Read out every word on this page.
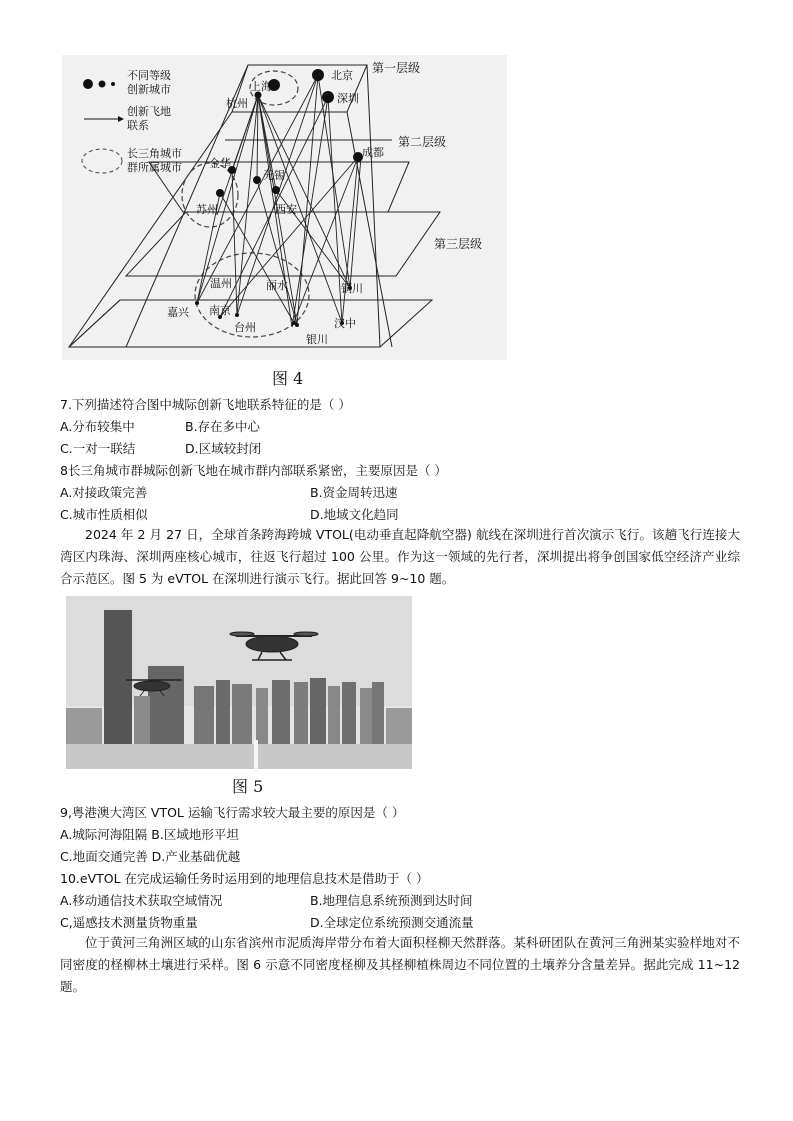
不同等级
创新城市
创新飞地
联系
长三角城市
群所属城市
第一层级
第二层级
第三层级
北京
深圳
上海
杭州
成都
金华
无锡
苏州	西安
温州	丽水	铜川
嘉兴 南京
汉中
台州
银川
图 4
7.下列描述符合图中城际创新飞地联系特征的是（ ）
A.分布较集中	B.存在多中心
C.一对一联结	D.区域较封闭
8长三角城市群城际创新飞地在城市群内部联系紧密，主要原因是（ ）
A.对接政策完善	B.资金周转迅速
C.城市性质相似	D.地域文化趋同
2024 年 2 月 27 日，全球首条跨海跨城 VTOL(电动垂直起降航空器) 航线在深圳进行首次演示飞行。该趟飞行连接大湾区内珠海、深圳两座核心城市，往返飞行超过 100 公里。作为这一领域的先行者，深圳提出将争创国家低空经济产业综合示范区。图 5 为 eVTOL 在深圳进行演示飞行。据此回答 9~10 题。
图 5
9,粤港澳大湾区 VTOL 运输飞行需求较大最主要的原因是（ ）
A.城际河海阻隔 B.区域地形平坦
C.地面交通完善 D.产业基础优越
10.eVTOL 在完成运输任务时运用到的地理信息技术是借助于（ ）
A.移动通信技术获取空域情况	B.地理信息系统预测到达时间
C,遥感技术测量货物重量	D.全球定位系统预测交通流量
位于黄河三角洲区域的山东省滨州市泥质海岸带分布着大面积柽柳天然群落。某科研团队在黄河三角洲某实验样地对不同密度的柽柳林土壤进行采样。图 6 示意不同密度柽柳及其柽柳植株周边不同位置的土壤养分含量差异。据此完成 11~12 题。
